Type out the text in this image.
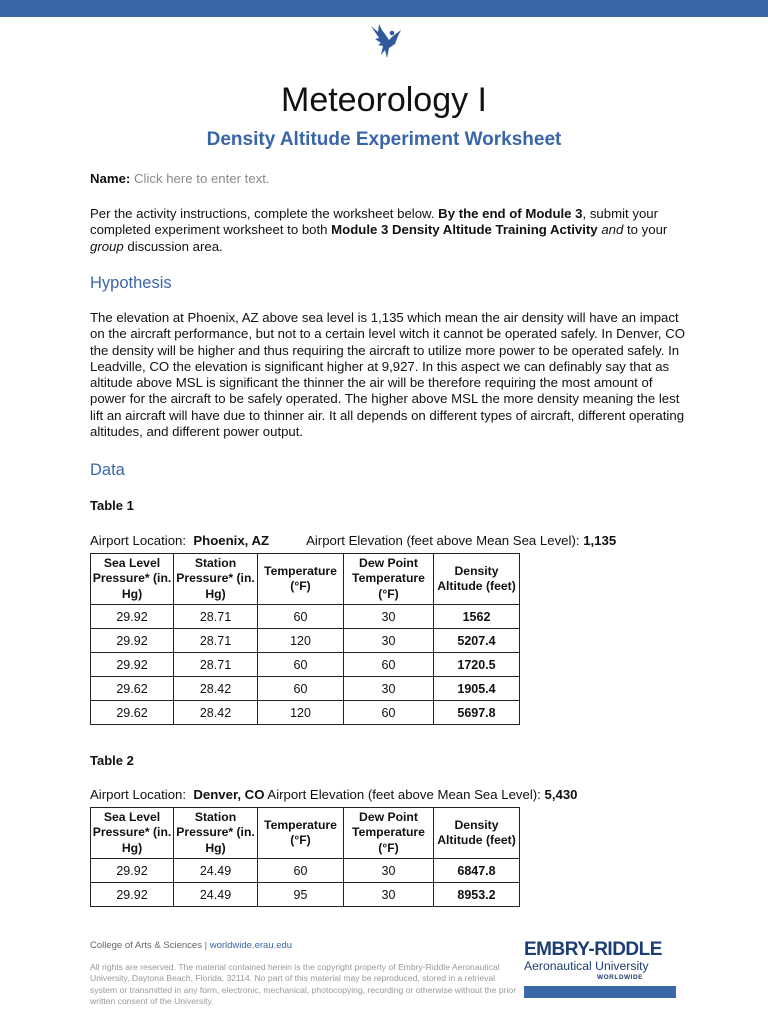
Meteorology I
Density Altitude Experiment Worksheet
Name: Click here to enter text.
Per the activity instructions, complete the worksheet below. By the end of Module 3, submit your completed experiment worksheet to both Module 3 Density Altitude Training Activity and to your group discussion area.
Hypothesis
The elevation at Phoenix, AZ above sea level is 1,135 which mean the air density will have an impact on the aircraft performance, but not to a certain level witch it cannot be operated safely. In Denver, CO the density will be higher and thus requiring the aircraft to utilize more power to be operated safely. In Leadville, CO the elevation is significant higher at 9,927. In this aspect we can definably say that as altitude above MSL is significant the thinner the air will be therefore requiring the most amount of power for the aircraft to be safely operated. The higher above MSL the more density meaning the lest lift an aircraft will have due to thinner air. It all depends on different types of aircraft, different operating altitudes, and different power output.
Data
Table 1
Airport Location: Phoenix, AZ	Airport Elevation (feet above Mean Sea Level): 1,135
Sea Level Pressure* (in. Hg)	Station Pressure* (in. Hg)	Temperature (°F)	Dew Point Temperature (°F)	Density Altitude (feet)
29.92	28.71	60	30	1562
29.92	28.71	120	30	5207.4
29.92	28.71	60	60	1720.5
29.62	28.42	60	30	1905.4
29.62	28.42	120	60	5697.8
Table 2
Airport Location: Denver, CO Airport Elevation (feet above Mean Sea Level): 5,430
Sea Level Pressure* (in. Hg)	Station Pressure* (in. Hg)	Temperature (°F)	Dew Point Temperature (°F)	Density Altitude (feet)
29.92	24.49	60	30	6847.8
29.92	24.49	95	30	8953.2
College of Arts & Sciences | worldwide.erau.edu
All rights are reserved. The material contained herein is the copyright property of Embry-Riddle Aeronautical University, Daytona Beach, Florida, 32114. No part of this material may be reproduced, stored in a retrieval system or transmitted in any form, electronic, mechanical, photocopying, recording or otherwise without the prior written consent of the University.
EMBRY-RIDDLE
Aeronautical University
WORLDWIDE
